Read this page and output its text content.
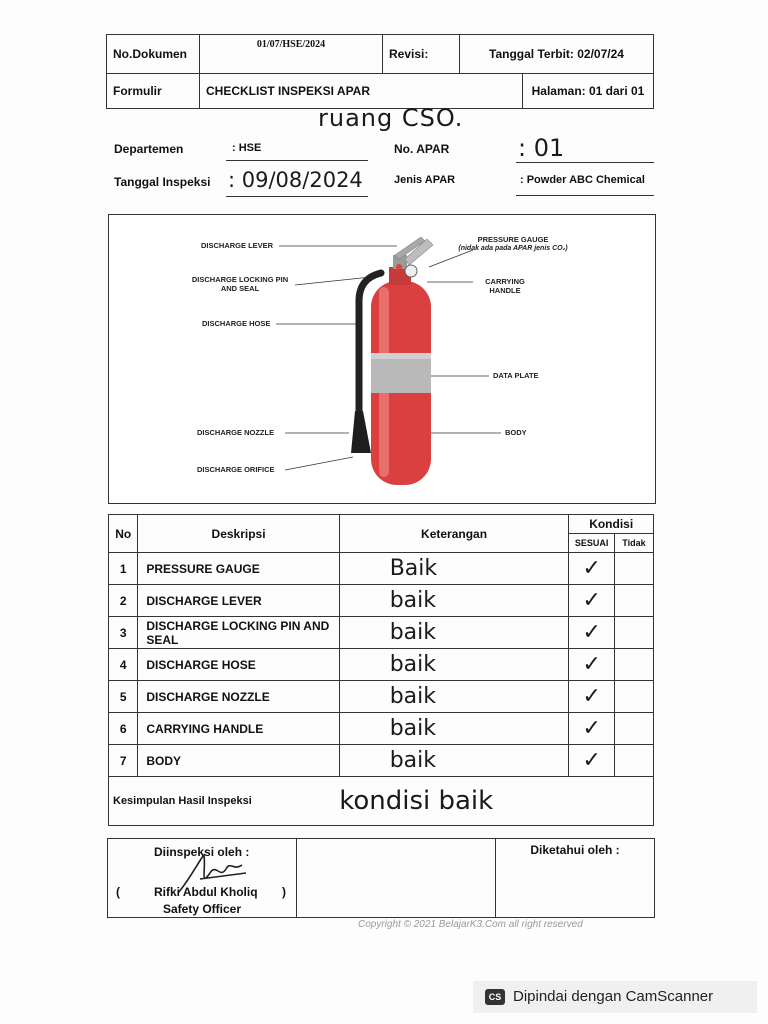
No.Dokumen	01/07/HSE/2024	Revisi:	Tanggal Terbit: 02/07/24	
Formulir	CHECKLIST INSPEKSI APAR			Halaman: 01 dari 01
ruang CSO.
Departemen	: HSE	No. APAR	: 01
Tanggal Inspeksi : 09/08/2024	Jenis APAR	: Powder ABC Chemical
DISCHARGE LEVER
DISCHARGE LOCKING PIN
AND SEAL
DISCHARGE HOSE
DISCHARGE NOZZLE
DISCHARGE ORIFICE
PRESSURE GAUGE
(nidak ada pada APAR jenis CO₂)
CARRYING
HANDLE
DATA PLATE
BODY
No	Deskripsi	Keterangan	Kondisi	
			SESUAI	Tidak
1	PRESSURE GAUGE	Baik	✓	
2	DISCHARGE LEVER	baik	✓	
3	DISCHARGE LOCKING PIN AND SEAL	baik	✓	
4	DISCHARGE HOSE	baik	✓	
5	DISCHARGE NOZZLE	baik	✓	
6	CARRYING HANDLE	baik	✓	
7	BODY	baik	✓	
Kesimpulan Hasil Inspeksi		kondisi baik		
Diinspeksi oleh :
(	Rifki Abdul Kholiq )
Safety Officer
		Diketahui oleh :
Copyright © 2021 BelajarK3.Com all right reserved
CS Dipindai dengan CamScanner
